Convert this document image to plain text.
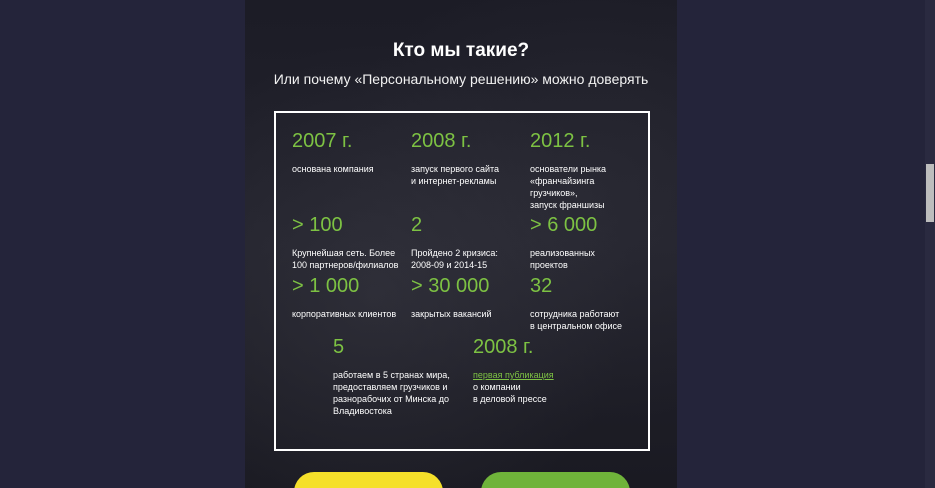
Кто мы такие?
Или почему «Персональному решению» можно доверять
2007 г.
основана компания
2008 г.
запуск первого сайта
и интернет-рекламы
2012 г.
основатели рынка
«франчайзинга
грузчиков»,
запуск франшизы
> 100
Крупнейшая сеть. Более
100 партнеров/филиалов
2
Пройдено 2 кризиса:
2008-09 и 2014-15
> 6 000
реализованных
проектов
> 1 000
корпоративных клиентов
> 30 000
закрытых вакансий
32
сотрудника работают
в центральном офисе
5
работаем в 5 странах мира,
предоставляем грузчиков и
разнорабочих от Минска до
Владивостока
2008 г.
первая публикация
о компании
в деловой прессе
